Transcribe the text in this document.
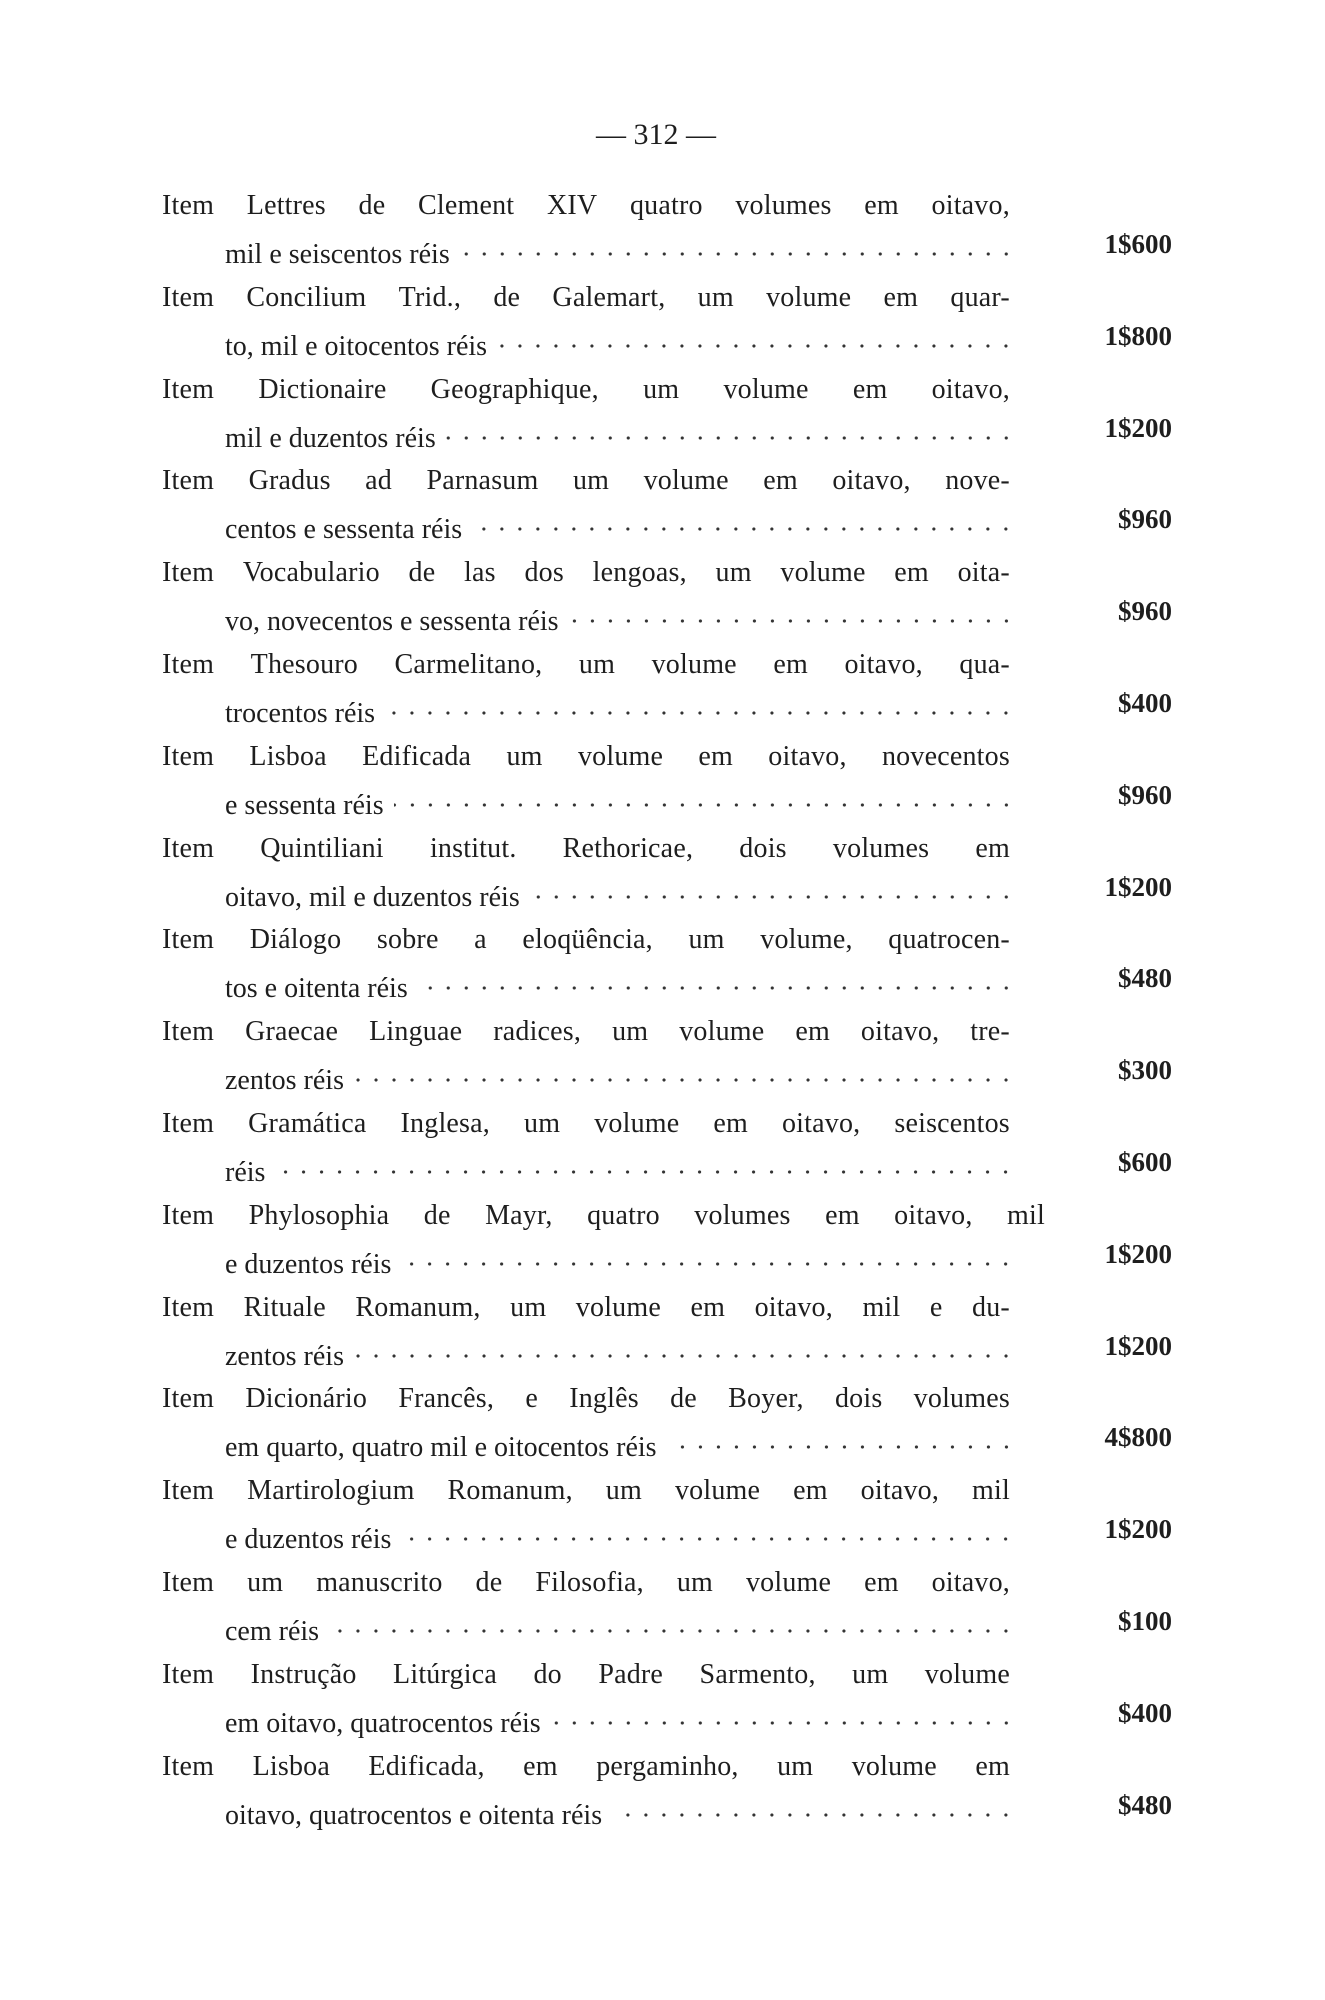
— 312 —
Item Lettres de Clement XIV quatro volumes em oitavo,
mil e seiscentos réis	1$600
Item Concilium Trid., de Galemart, um volume em quar-
to, mil e oitocentos réis	1$800
Item Dictionaire Geographique, um volume em oitavo,
mil e duzentos réis	1$200
Item Gradus ad Parnasum um volume em oitavo, nove-
centos e sessenta réis	$960
Item Vocabulario de las dos lengoas, um volume em oita-
vo, novecentos e sessenta réis	$960
Item Thesouro Carmelitano, um volume em oitavo, qua-
trocentos réis	$400
Item Lisboa Edificada um volume em oitavo, novecentos
e sessenta réis	$960
Item Quintiliani institut. Rethoricae, dois volumes em
oitavo, mil e duzentos réis	1$200
Item Diálogo sobre a eloqüência, um volume, quatrocen-
tos e oitenta réis	$480
Item Graecae Linguae radices, um volume em oitavo, tre-
zentos réis	$300
Item Gramática Inglesa, um volume em oitavo, seiscentos
réis	$600
Item Phylosophia de Mayr, quatro volumes em oitavo, mil
e duzentos réis	1$200
Item Rituale Romanum, um volume em oitavo, mil e du-
zentos réis	1$200
Item Dicionário Francês, e Inglês de Boyer, dois volumes
em quarto, quatro mil e oitocentos réis	4$800
Item Martirologium Romanum, um volume em oitavo, mil
e duzentos réis	1$200
Item um manuscrito de Filosofia, um volume em oitavo,
cem réis	$100
Item Instrução Litúrgica do Padre Sarmento, um volume
em oitavo, quatrocentos réis	$400
Item Lisboa Edificada, em pergaminho, um volume em
oitavo, quatrocentos e oitenta réis	$480
